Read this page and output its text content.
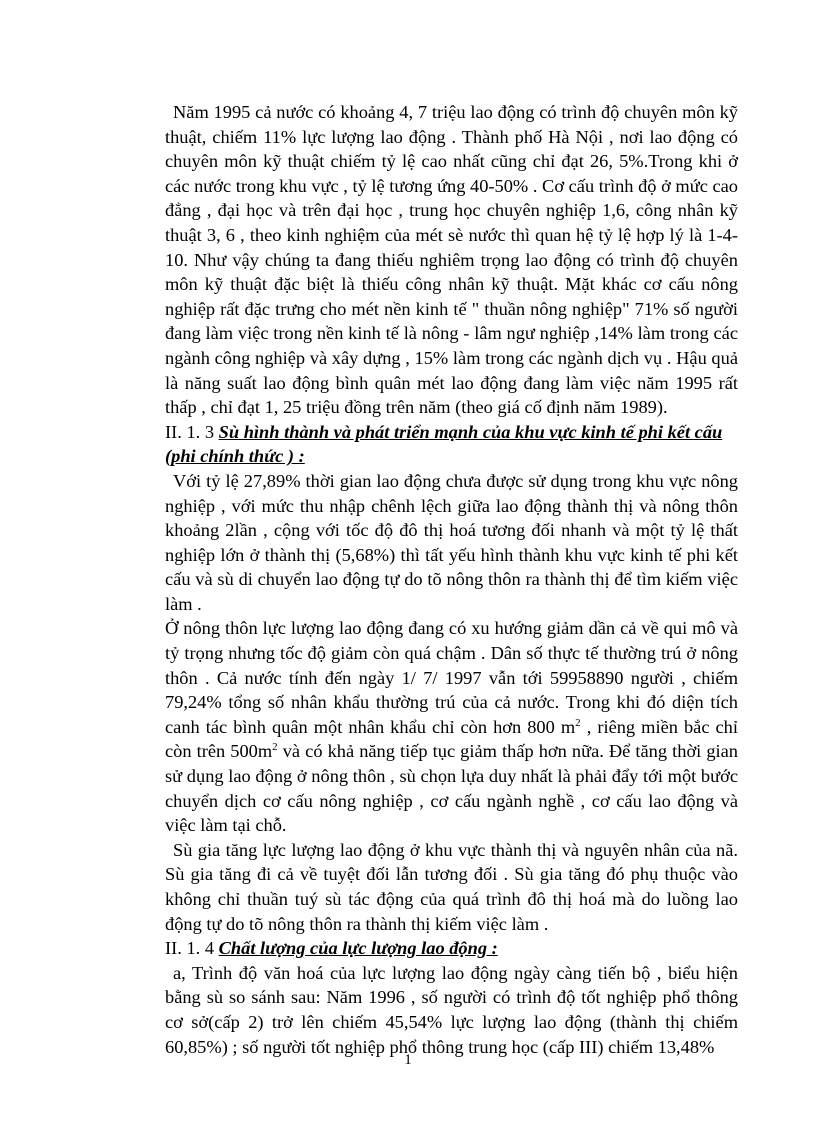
Năm 1995 cả nước có khoảng 4, 7 triệu lao động có trình độ chuyên môn kỹ thuật, chiếm 11% lực lượng lao động . Thành phố Hà Nội , nơi lao động có chuyên môn kỹ thuật chiếm tỷ lệ cao nhất cũng chỉ đạt 26, 5%.Trong khi ở các nước trong khu vực , tỷ lệ tương ứng 40-50% . Cơ cấu trình độ ở mức cao đẳng , đại học và trên đại học , trung học chuyên nghiệp 1,6, công nhân kỹ thuật 3, 6 , theo kinh nghiệm của mét sè nước thì quan hệ tỷ lệ hợp lý là 1-4-10. Như vậy chúng ta đang thiếu nghiêm trọng lao động có trình độ chuyên môn kỹ thuật đặc biệt là thiếu công nhân kỹ thuật. Mặt khác cơ cấu nông nghiệp rất đặc trưng cho mét nền kinh tế " thuần nông nghiệp" 71% số người đang làm việc trong nền kinh tế là nông - lâm ngư nghiệp ,14% làm trong các ngành công nghiệp và xây dựng , 15% làm trong các ngành dịch vụ . Hậu quả là năng suất lao động bình quân mét lao động đang làm việc năm 1995 rất thấp , chỉ đạt 1, 25 triệu đồng trên năm (theo giá cố định năm 1989).

II. 1. 3 Sù hình thành và phát triển mạnh của khu vực kinh tế phi kết cấu (phi chính thức ) :

Với tỷ lệ 27,89% thời gian lao động chưa được sử dụng trong khu vực nông nghiệp , với mức thu nhập chênh lệch giữa lao động thành thị và nông thôn khoảng 2lần , cộng với tốc độ đô thị hoá tương đối nhanh và một tỷ lệ thất nghiệp lớn ở thành thị (5,68%) thì tất yếu hình thành khu vực kinh tế phi kết cấu và sù di chuyển lao động tự do tõ nông thôn ra thành thị để tìm kiếm việc làm .

Ở nông thôn lực lượng lao động đang có xu hướng giảm dần cả về qui mô và tỷ trọng nhưng tốc độ giảm còn quá chậm . Dân số thực tế thường trú ở nông thôn . Cả nước tính đến ngày 1/ 7/ 1997 vẫn tới 59958890 người , chiếm 79,24% tổng số nhân khẩu thường trú của cả nước. Trong khi đó diện tích canh tác bình quân một nhân khẩu chỉ còn hơn 800 $m^2$ , riêng miền bắc chỉ còn trên $500m^2$ và có khả năng tiếp tục giảm thấp hơn nữa. Để tăng thời gian sử dụng lao động ở nông thôn , sù chọn lựa duy nhất là phải đẩy tới một bước chuyển dịch cơ cấu nông nghiệp , cơ cấu ngành nghề , cơ cấu lao động và việc làm tại chỗ.

Sù gia tăng lực lượng lao động ở khu vực thành thị và nguyên nhân của nã. Sù gia tăng đi cả về tuyệt đối lẫn tương đối . Sù gia tăng đó phụ thuộc vào không chỉ thuần tuý sù tác động của quá trình đô thị hoá mà do luồng lao động tự do tõ nông thôn ra thành thị kiếm việc làm .

II. 1. 4 Chất lượng của lực lượng lao động :

a, Trình độ văn hoá của lực lượng lao động ngày càng tiến bộ , biểu hiện bằng sù so sánh sau: Năm 1996 , số người có trình độ tốt nghiệp phổ thông cơ sở(cấp 2) trở lên chiếm 45,54% lực lượng lao động (thành thị chiếm 60,85%) ; số người tốt nghiệp phổ thông trung học (cấp III) chiếm 13,48%

1
